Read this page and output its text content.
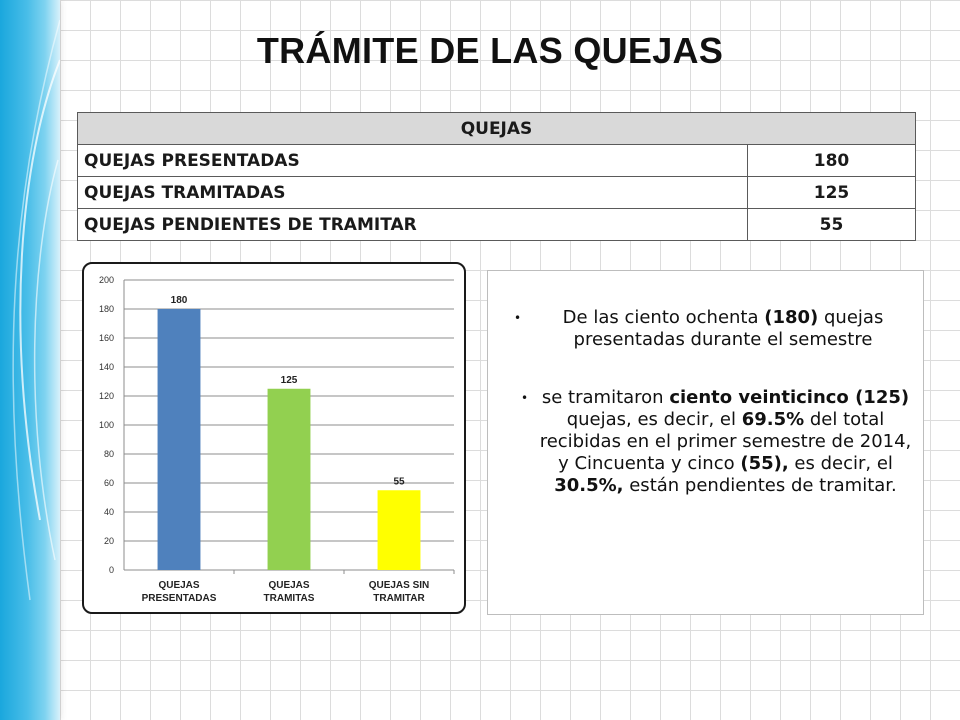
TRÁMITE DE LAS QUEJAS
QUEJAS	
QUEJAS PRESENTADAS	180
QUEJAS TRAMITADAS	125
QUEJAS PENDIENTES DE TRAMITAR	55
0
20
40
60
80
100
120
140
160
180
200
180
QUEJAS
PRESENTADAS
125
QUEJAS
TRAMITAS
55
QUEJAS SIN
TRAMITAR
• De las ciento ochenta (180) quejas presentadas durante el semestre
• se tramitaron ciento veinticinco (125) quejas, es decir, el 69.5% del total recibidas en el primer semestre de 2014, y Cincuenta y cinco (55), es decir, el 30.5%, están pendientes de tramitar.
